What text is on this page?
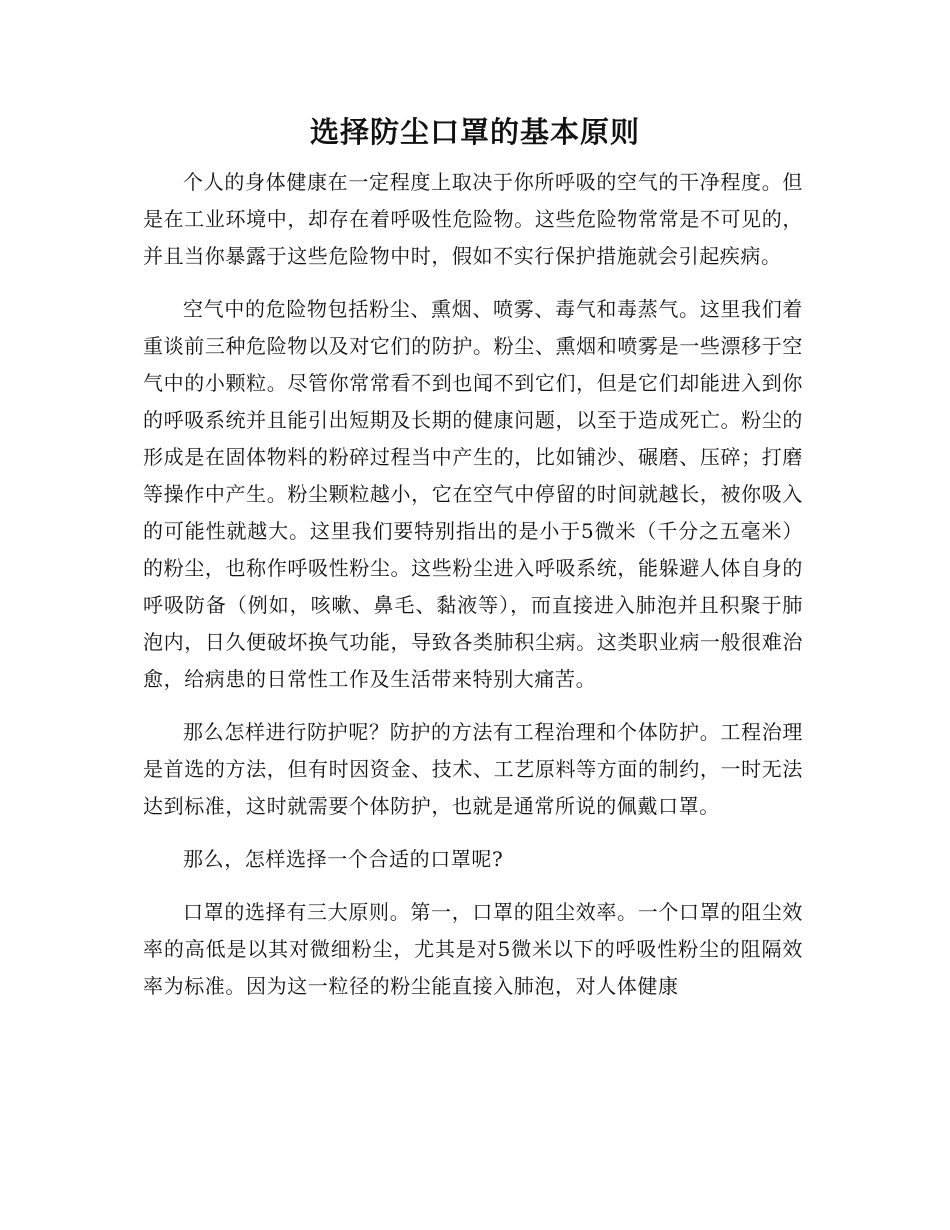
选择防尘口罩的基本原则

个人的身体健康在一定程度上取决于你所呼吸的空气的干净程度。但是在工业环境中，却存在着呼吸性危险物。这些危险物常常是不可见的，并且当你暴露于这些危险物中时，假如不实行保护措施就会引起疾病。

空气中的危险物包括粉尘、熏烟、喷雾、毒气和毒蒸气。这里我们着重谈前三种危险物以及对它们的防护。粉尘、熏烟和喷雾是一些漂移于空气中的小颗粒。尽管你常常看不到也闻不到它们，但是它们却能进入到你的呼吸系统并且能引出短期及长期的健康问题，以至于造成死亡。粉尘的形成是在固体物料的粉碎过程当中产生的，比如铺沙、碾磨、压碎；打磨等操作中产生。粉尘颗粒越小，它在空气中停留的时间就越长，被你吸入的可能性就越大。这里我们要特别指出的是小于5微米（千分之五毫米）的粉尘，也称作呼吸性粉尘。这些粉尘进入呼吸系统，能躲避人体自身的呼吸防备（例如，咳嗽、鼻毛、黏液等），而直接进入肺泡并且积聚于肺泡内，日久便破坏换气功能，导致各类肺积尘病。这类职业病一般很难治愈，给病患的日常性工作及生活带来特别大痛苦。

那么怎样进行防护呢？防护的方法有工程治理和个体防护。工程治理是首选的方法，但有时因资金、技术、工艺原料等方面的制约，一时无法达到标准，这时就需要个体防护，也就是通常所说的佩戴口罩。

那么，怎样选择一个合适的口罩呢?

口罩的选择有三大原则。第一，口罩的阻尘效率。一个口罩的阻尘效率的高低是以其对微细粉尘，尤其是对5微米以下的呼吸性粉尘的阻隔效率为标准。因为这一粒径的粉尘能直接入肺泡，对人体健康
